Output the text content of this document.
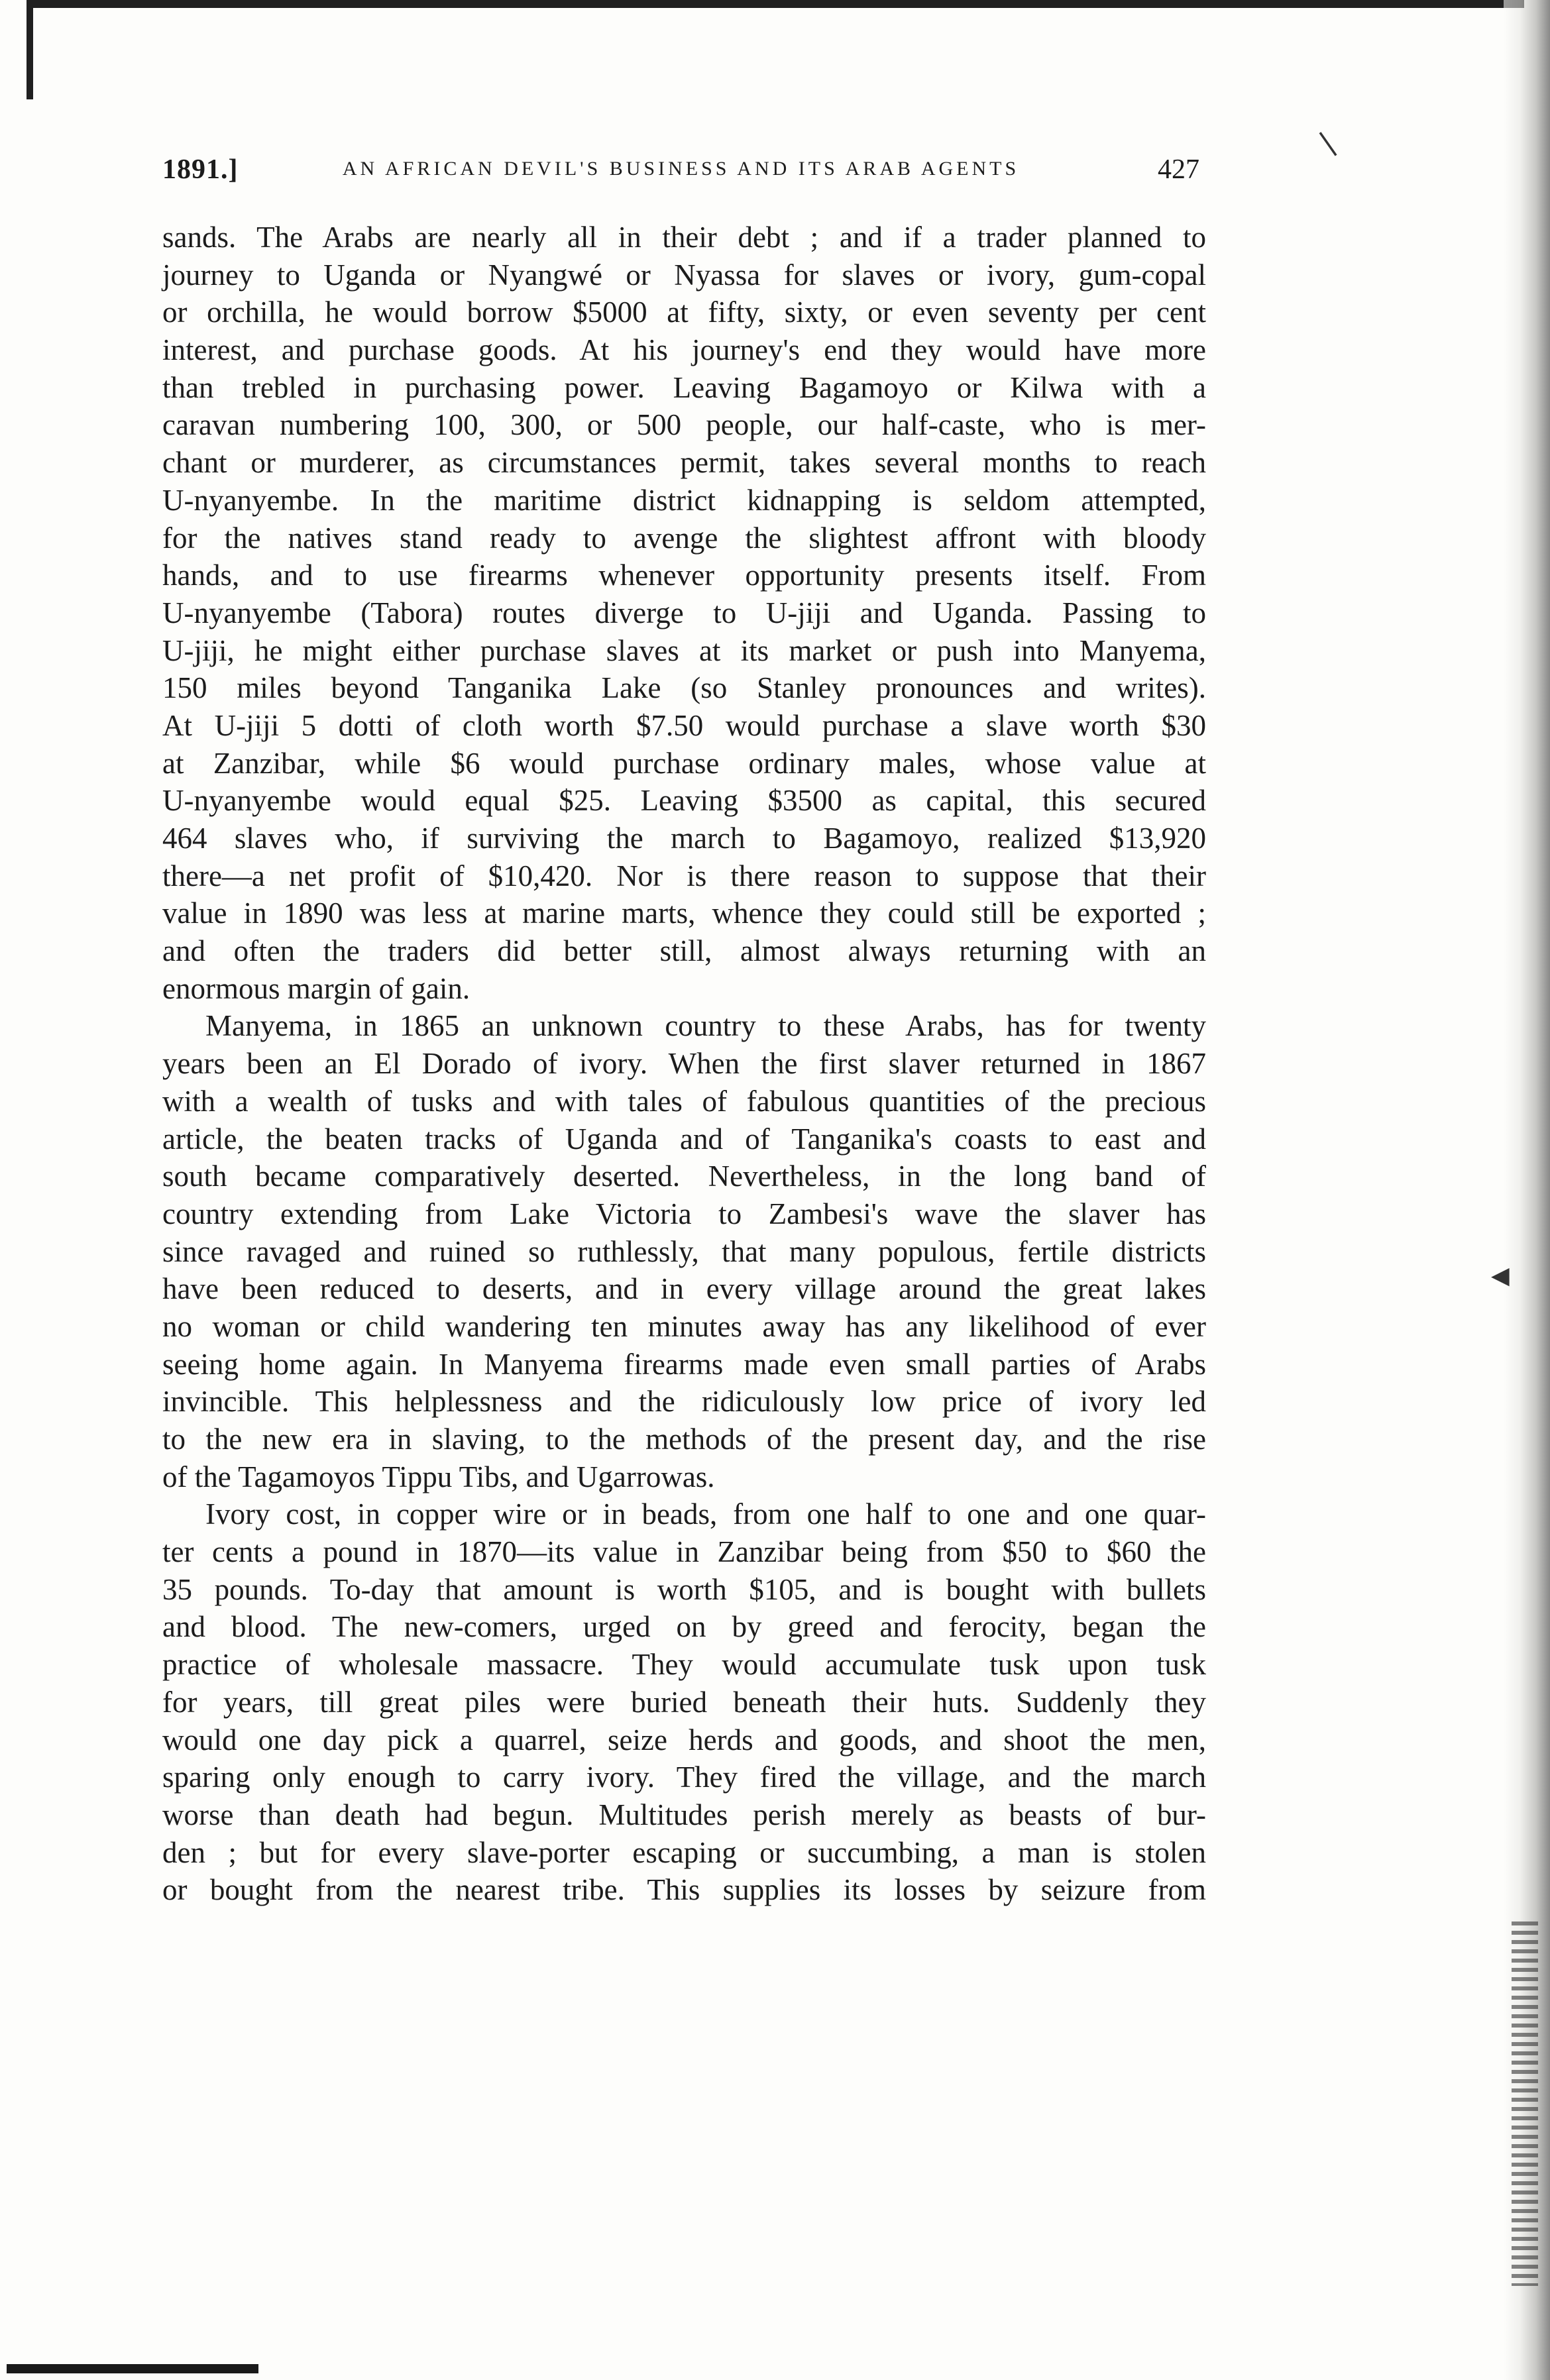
◀
|
1891.]	AN AFRICAN DEVIL'S BUSINESS AND ITS ARAB AGENTS	427
sands. The Arabs are nearly all in their debt ; and if a trader planned to
journey to Uganda or Nyangwé or Nyassa for slaves or ivory, gum-copal
or orchilla, he would borrow $5000 at fifty, sixty, or even seventy per cent
interest, and purchase goods. At his journey's end they would have more
than trebled in purchasing power. Leaving Bagamoyo or Kilwa with a
caravan numbering 100, 300, or 500 people, our half-caste, who is mer-
chant or murderer, as circumstances permit, takes several months to reach
U-nyanyembe. In the maritime district kidnapping is seldom attempted,
for the natives stand ready to avenge the slightest affront with bloody
hands, and to use firearms whenever opportunity presents itself. From
U-nyanyembe (Tabora) routes diverge to U-jiji and Uganda. Passing to
U-jiji, he might either purchase slaves at its market or push into Manyema,
150 miles beyond Tanganika Lake (so Stanley pronounces and writes).
At U-jiji 5 dotti of cloth worth $7.50 would purchase a slave worth $30
at Zanzibar, while $6 would purchase ordinary males, whose value at
U-nyanyembe would equal $25. Leaving $3500 as capital, this secured
464 slaves who, if surviving the march to Bagamoyo, realized $13,920
there—a net profit of $10,420. Nor is there reason to suppose that their
value in 1890 was less at marine marts, whence they could still be exported ;
and often the traders did better still, almost always returning with an
enormous margin of gain.
Manyema, in 1865 an unknown country to these Arabs, has for twenty
years been an El Dorado of ivory. When the first slaver returned in 1867
with a wealth of tusks and with tales of fabulous quantities of the precious
article, the beaten tracks of Uganda and of Tanganika's coasts to east and
south became comparatively deserted. Nevertheless, in the long band of
country extending from Lake Victoria to Zambesi's wave the slaver has
since ravaged and ruined so ruthlessly, that many populous, fertile districts
have been reduced to deserts, and in every village around the great lakes
no woman or child wandering ten minutes away has any likelihood of ever
seeing home again. In Manyema firearms made even small parties of Arabs
invincible. This helplessness and the ridiculously low price of ivory led
to the new era in slaving, to the methods of the present day, and the rise
of the Tagamoyos Tippu Tibs, and Ugarrowas.
Ivory cost, in copper wire or in beads, from one half to one and one quar-
ter cents a pound in 1870—its value in Zanzibar being from $50 to $60 the
35 pounds. To-day that amount is worth $105, and is bought with bullets
and blood. The new-comers, urged on by greed and ferocity, began the
practice of wholesale massacre. They would accumulate tusk upon tusk
for years, till great piles were buried beneath their huts. Suddenly they
would one day pick a quarrel, seize herds and goods, and shoot the men,
sparing only enough to carry ivory. They fired the village, and the march
worse than death had begun. Multitudes perish merely as beasts of bur-
den ; but for every slave-porter escaping or succumbing, a man is stolen
or bought from the nearest tribe. This supplies its losses by seizure from
